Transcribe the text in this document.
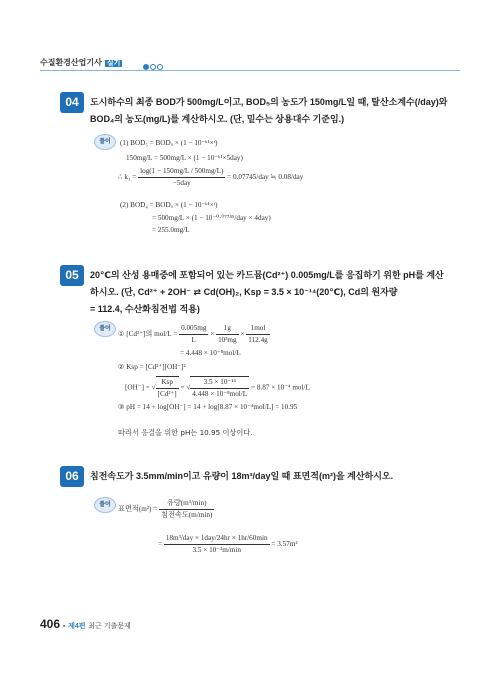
수질환경산업기사 실기
04	도시하수의 최종 BOD가 500mg/L이고, BOD₅의 농도가 150mg/L일 때, 탈산소계수(/day)와
BOD₄의 농도(mg/L)를 계산하시오. (단, 밑수는 상용대수 기준임.)
풀이	(1) BOD₅ = BODᵤ × (1 − 10⁻ᵏ¹×ᵗ)
150mg/L = 500mg/L × (1 − 10⁻ᵏ¹×5day)
∴ $k_1 = \frac{\log(1 - 150mg/L / 500mg/L)}{\text{−5day}} = 0.07745/day$ ≒ 0.08/day
(2) BOD₄ = BODᵤ × (1 − 10⁻ᵏ¹×ᵗ)
= 500mg/L × (1 − 10⁻⁰·⁰⁷⁷⁴⁵/day × 4day)
= 255.0mg/L
05	20℃의 산성 용매중에 포함되어 있는 카드뮴(Cd²⁺) 0.005mg/L를 응집하기 위한 pH를 계산
하시오. (단, Cd²⁺ + 2OH⁻ ⇄ Cd(OH)₂, Ksp = 3.5 × 10⁻¹⁴(20℃), Cd의 원자량
= 112.4, 수산화침전법 적용)
풀이
① [Cd²⁺]의 $mol/L = \frac{0.005mg}{L} \times \frac{1g}{\text{10³mg}} \times \frac{\text{1mol}}{112.4g}$
= 4.448 × 10⁻⁸mol/L
② Ksp = [Cd²⁺][OH⁻]²
[OH⁻] = √ $\frac{\text{Ksp}}{\text{[Cd²⁺]}}$ = √ $\frac{\text{3.5 × 10⁻¹⁴}}{\text{4.448 × 10⁻⁸mol/L}} = 8.87 \times 10^{-4}$ mol/L
③ pH = 14 + log[OH⁻] = 14 + log[8.87 × 10⁻⁴mol/L] = 10.95
따라서 응결을 위한 pH는 10.95 이상이다.
06	침전속도가 3.5mm/min이고 유량이 18m³/day일 때 표면적(m²)을 계산하시오.
풀이
표면적$(m^2) = \frac{\text{유량(m³/min)}}{\text{침전속도(m/min)}}$
= $\frac{\text{18m³/day × 1day/24hr × 1hr/60min}}{\text{3.5 × 10⁻³m/min}} = 3.57m^2$
406 ▪ 제4편 최근 기출문제
